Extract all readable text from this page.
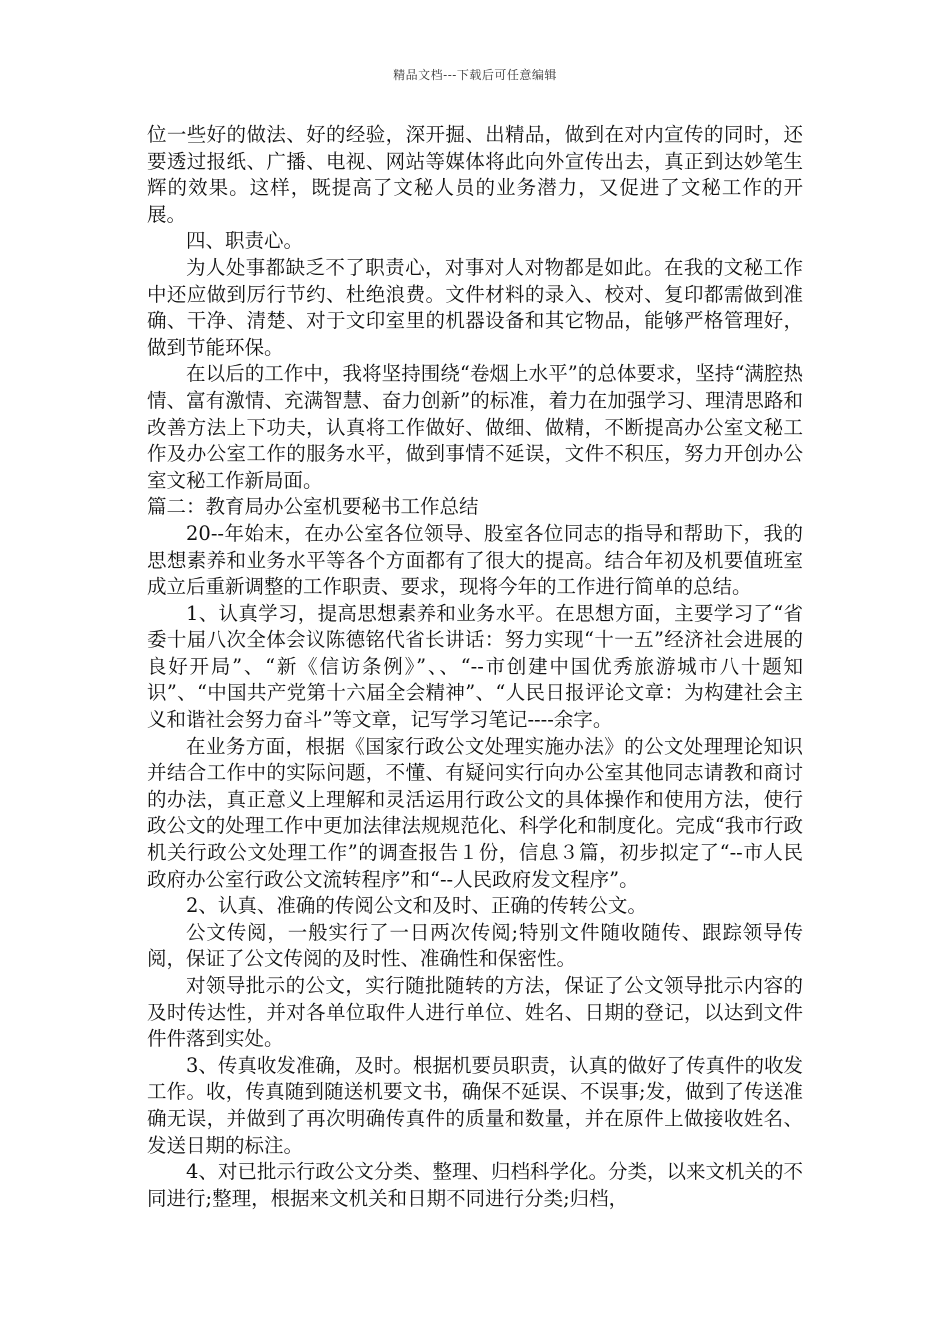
精品文档---下载后可任意编辑

位一些好的做法、好的经验，深开掘、出精品，做到在对内宣传的同时，还要透过报纸、广播、电视、网站等媒体将此向外宣传出去，真正到达妙笔生辉的效果。这样，既提高了文秘人员的业务潜力，又促进了文秘工作的开展。

四、职责心。

为人处事都缺乏不了职责心，对事对人对物都是如此。在我的文秘工作中还应做到厉行节约、杜绝浪费。文件材料的录入、校对、复印都需做到准确、干净、清楚、对于文印室里的机器设备和其它物品，能够严格管理好，做到节能环保。

在以后的工作中，我将坚持围绕“卷烟上水平”的总体要求，坚持“满腔热情、富有激情、充满智慧、奋力创新”的标准，着力在加强学习、理清思路和改善方法上下功夫，认真将工作做好、做细、做精，不断提高办公室文秘工作及办公室工作的服务水平，做到事情不延误，文件不积压，努力开创办公室文秘工作新局面。

篇二：教育局办公室机要秘书工作总结

20--年始末，在办公室各位领导、股室各位同志的指导和帮助下，我的思想素养和业务水平等各个方面都有了很大的提高。结合年初及机要值班室成立后重新调整的工作职责、要求，现将今年的工作进行简单的总结。

1、认真学习，提高思想素养和业务水平。在思想方面，主要学习了“省委十届八次全体会议陈德铭代省长讲话：努力实现“十一五”经济社会进展的良好开局”、“新《信访条例》”、、“--市创建中国优秀旅游城市八十题知识”、“中国共产党第十六届全会精神”、“人民日报评论文章：为构建社会主义和谐社会努力奋斗”等文章，记写学习笔记----余字。

在业务方面，根据《国家行政公文处理实施办法》的公文处理理论知识并结合工作中的实际问题，不懂、有疑问实行向办公室其他同志请教和商讨的办法，真正意义上理解和灵活运用行政公文的具体操作和使用方法，使行政公文的处理工作中更加法律法规规范化、科学化和制度化。完成“我市行政机关行政公文处理工作”的调查报告１份，信息３篇，初步拟定了“--市人民政府办公室行政公文流转程序”和“--人民政府发文程序”。

2、认真、准确的传阅公文和及时、正确的传转公文。

公文传阅，一般实行了一日两次传阅;特别文件随收随传、跟踪领导传阅，保证了公文传阅的及时性、准确性和保密性。

对领导批示的公文，实行随批随转的方法，保证了公文领导批示内容的及时传达性，并对各单位取件人进行单位、姓名、日期的登记，以达到文件件件落到实处。

3、传真收发准确，及时。根据机要员职责，认真的做好了传真件的收发工作。收，传真随到随送机要文书，确保不延误、不误事;发，做到了传送准确无误，并做到了再次明确传真件的质量和数量，并在原件上做接收姓名、发送日期的标注。

4、对已批示行政公文分类、整理、归档科学化。分类，以来文机关的不同进行;整理，根据来文机关和日期不同进行分类;归档，
